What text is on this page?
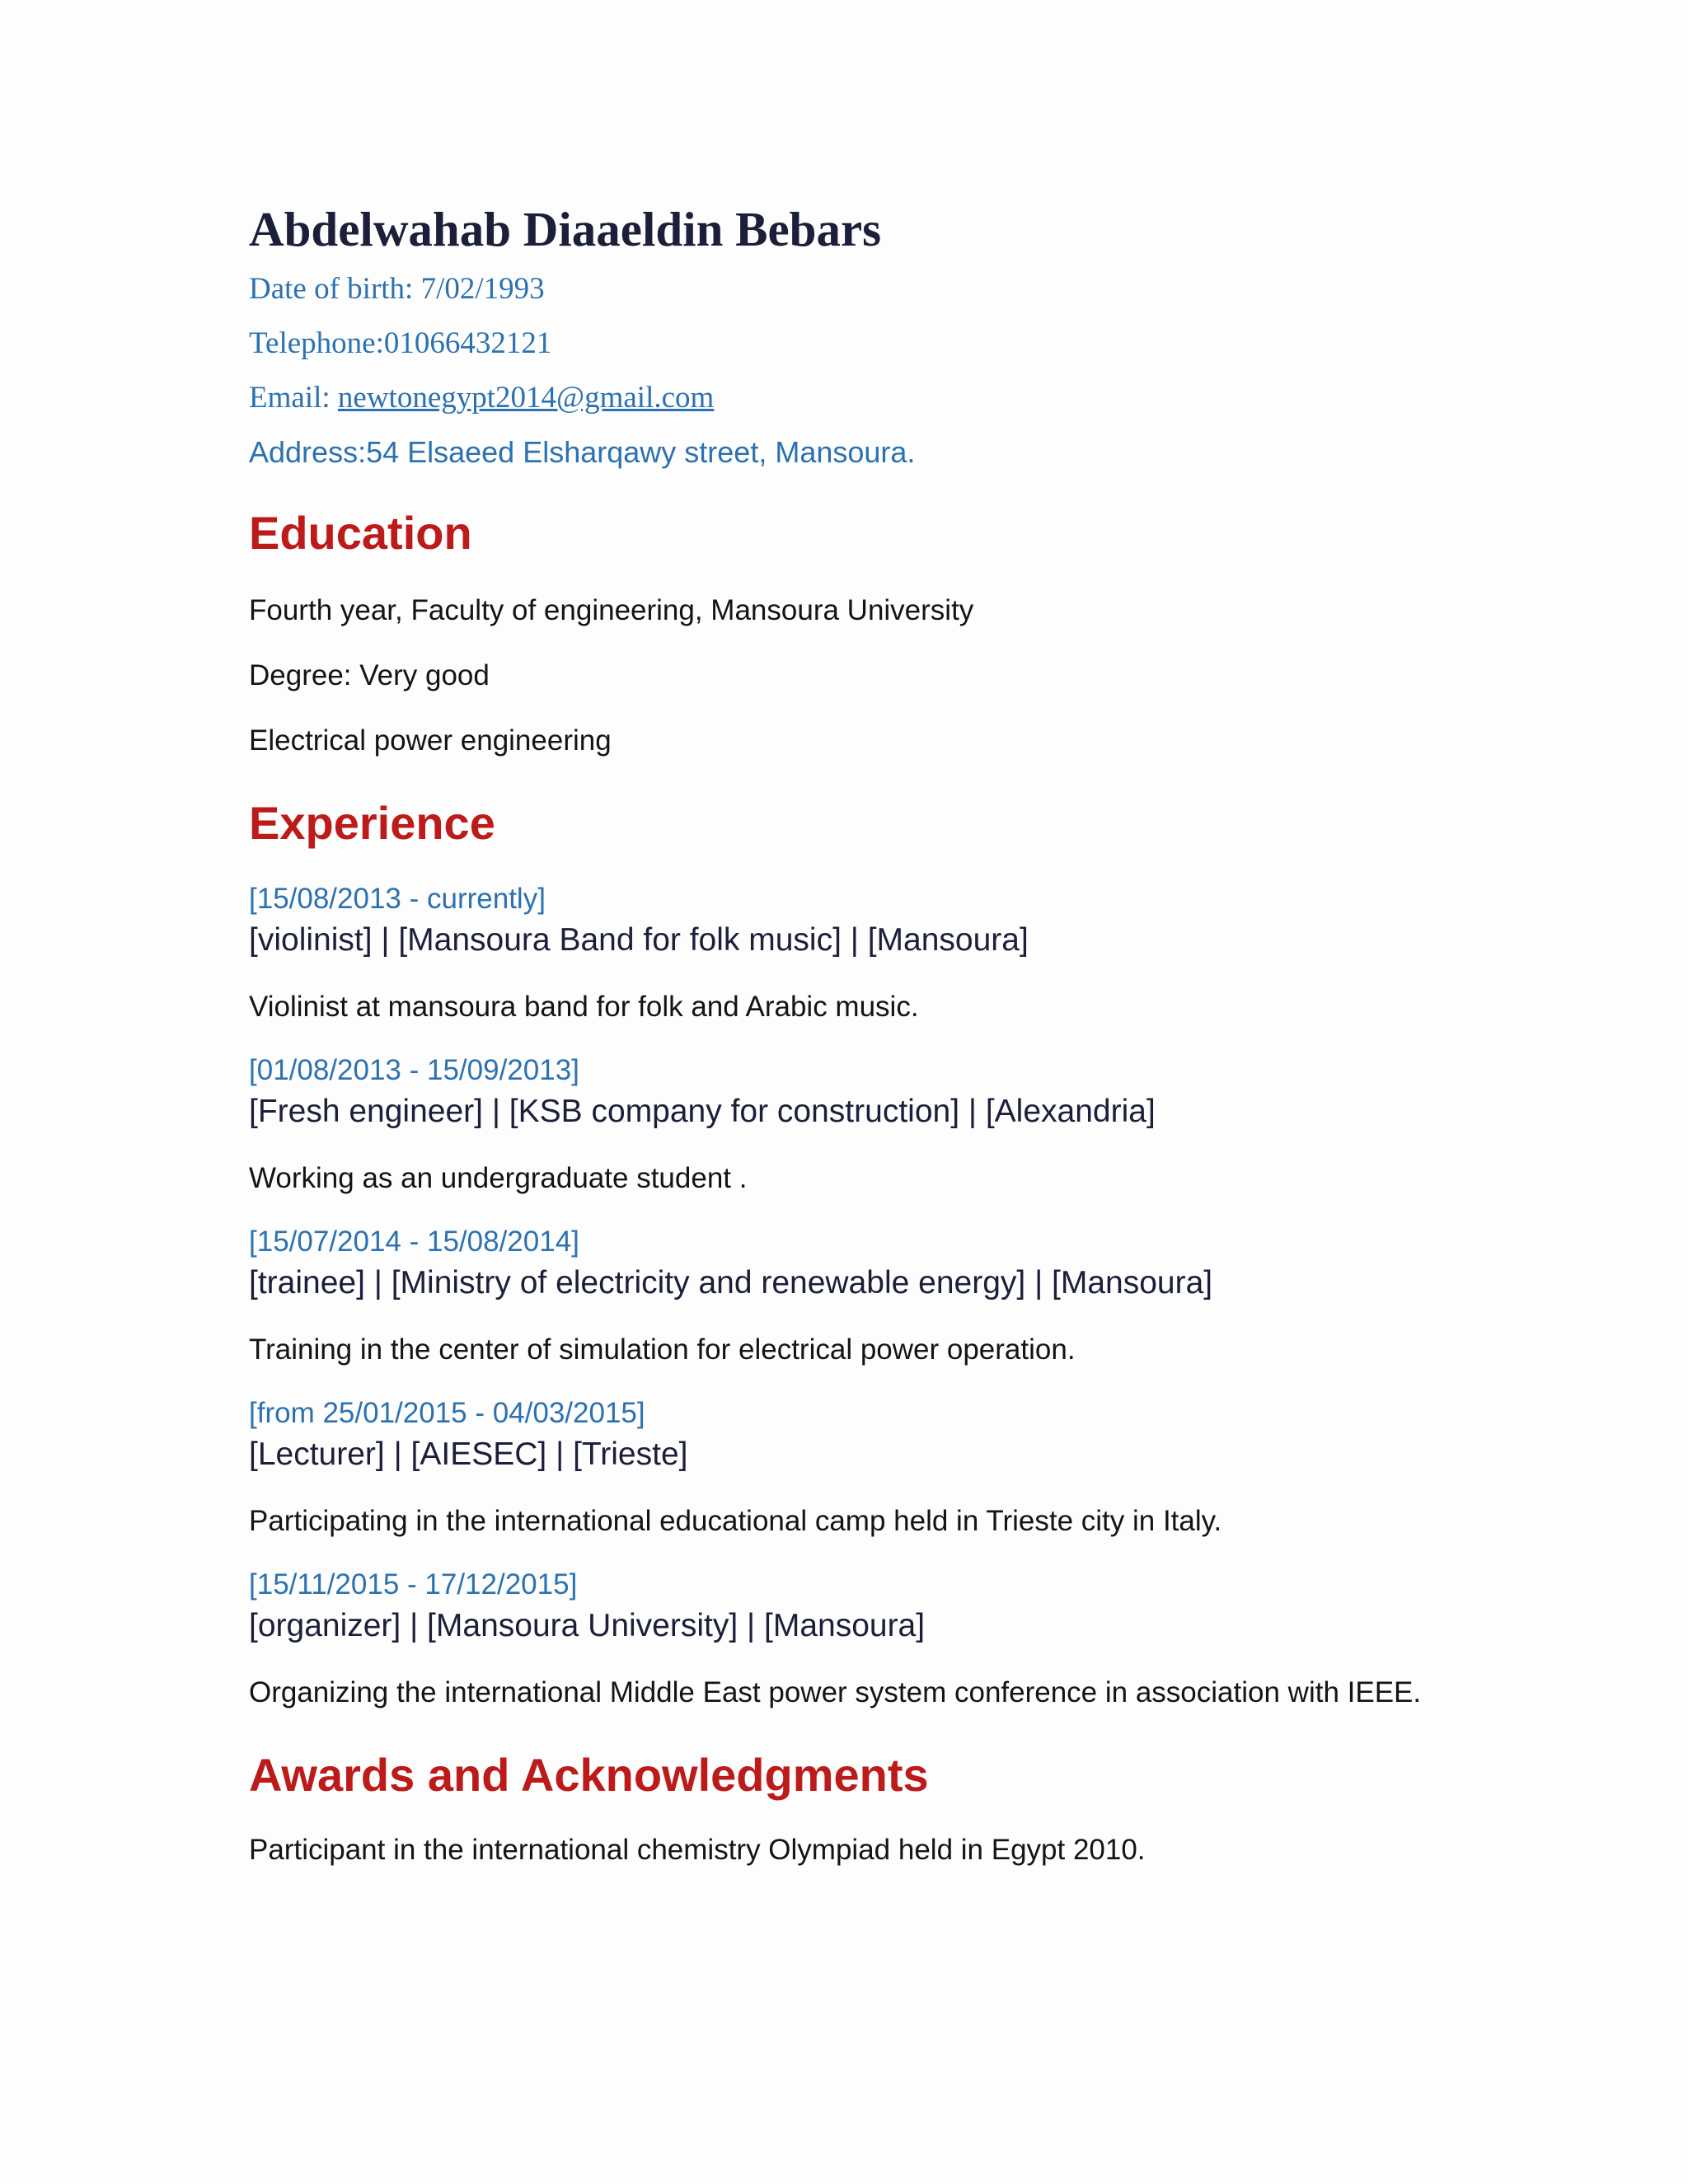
Abdelwahab Diaaeldin Bebars

Date of birth: 7/02/1993

Telephone:01066432121

Email: newtonegypt2014@gmail.com

Address:54 Elsaeed Elsharqawy street, Mansoura.

Education

Fourth year, Faculty of engineering, Mansoura University

Degree: Very good

Electrical power engineering

Experience

[15/08/2013 - currently]

[violinist] | [Mansoura Band for folk music] | [Mansoura]

Violinist at mansoura band for folk and Arabic music.

[01/08/2013 - 15/09/2013]

[Fresh engineer] | [KSB company for construction] | [Alexandria]

Working as an undergraduate student .

[15/07/2014 - 15/08/2014]

[trainee] | [Ministry of electricity and renewable energy] | [Mansoura]

Training in the center of simulation for electrical power operation.

[from 25/01/2015 - 04/03/2015]

[Lecturer] | [AIESEC] | [Trieste]

Participating in the international educational camp held in Trieste city in Italy.

[15/11/2015 - 17/12/2015]

[organizer] | [Mansoura University] | [Mansoura]

Organizing the international Middle East power system conference in association with IEEE.

Awards and Acknowledgments

Participant in the international chemistry Olympiad held in Egypt 2010.
